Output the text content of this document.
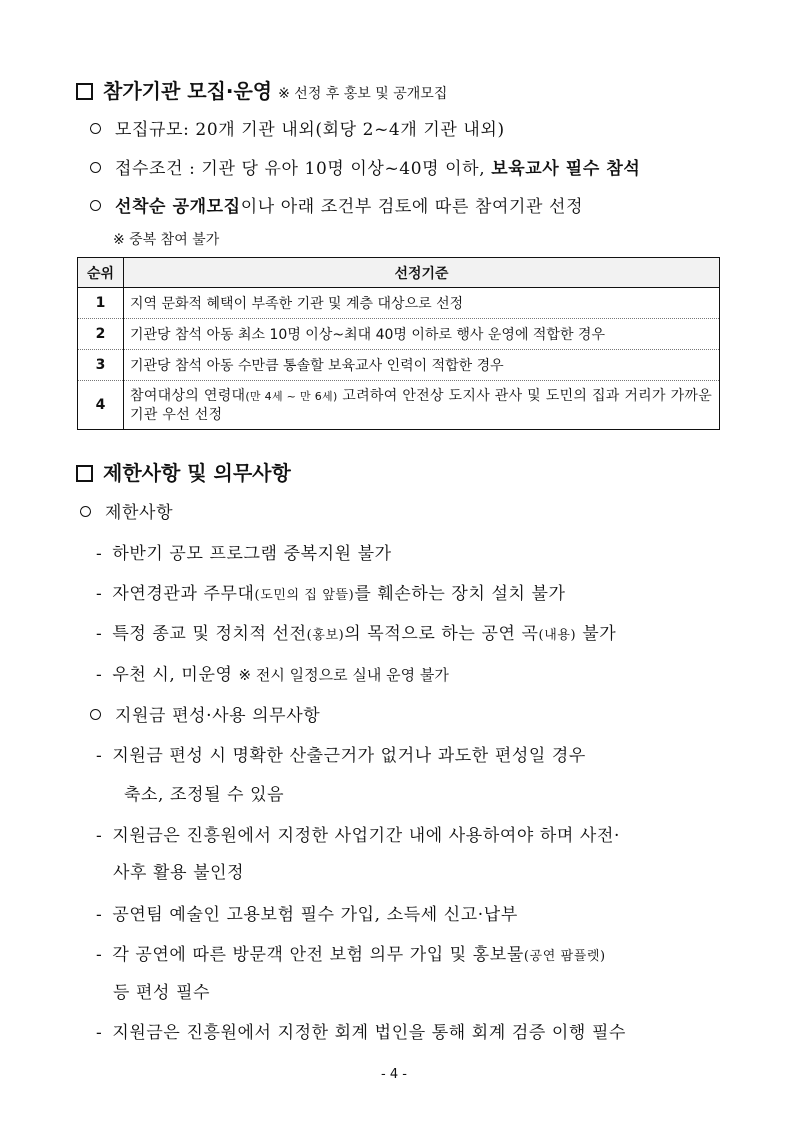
참가기관 모집·운영 ※ 선정 후 홍보 및 공개모집
모집규모: 20개 기관 내외(회당 2~4개 기관 내외)
접수조건 : 기관 당 유아 10명 이상~40명 이하, 보육교사 필수 참석
선착순 공개모집이나 아래 조건부 검토에 따른 참여기관 선정
※ 중복 참여 불가
순위	선정기준
1	지역 문화적 혜택이 부족한 기관 및 계층 대상으로 선정
2	기관당 참석 아동 최소 10명 이상~최대 40명 이하로 행사 운영에 적합한 경우
3	기관당 참석 아동 수만큼 통솔할 보육교사 인력이 적합한 경우
4	참여대상의 연령대(만 4세 ~ 만 6세) 고려하여 안전상 도지사 관사 및 도민의 집과 거리가 가까운 기관 우선 선정
제한사항 및 의무사항
제한사항
- 하반기 공모 프로그램 중복지원 불가
- 자연경관과 주무대(도민의 집 앞뜰)를 훼손하는 장치 설치 불가
- 특정 종교 및 정치적 선전(홍보)의 목적으로 하는 공연 곡(내용) 불가
- 우천 시, 미운영 ※ 전시 일정으로 실내 운영 불가
지원금 편성·사용 의무사항
- 지원금 편성 시 명확한 산출근거가 없거나 과도한 편성일 경우
축소, 조정될 수 있음
- 지원금은 진흥원에서 지정한 사업기간 내에 사용하여야 하며 사전·
사후 활용 불인정
- 공연팀 예술인 고용보험 필수 가입, 소득세 신고·납부
- 각 공연에 따른 방문객 안전 보험 의무 가입 및 홍보물(공연 팜플렛)
등 편성 필수
- 지원금은 진흥원에서 지정한 회계 법인을 통해 회계 검증 이행 필수
- 4 -
